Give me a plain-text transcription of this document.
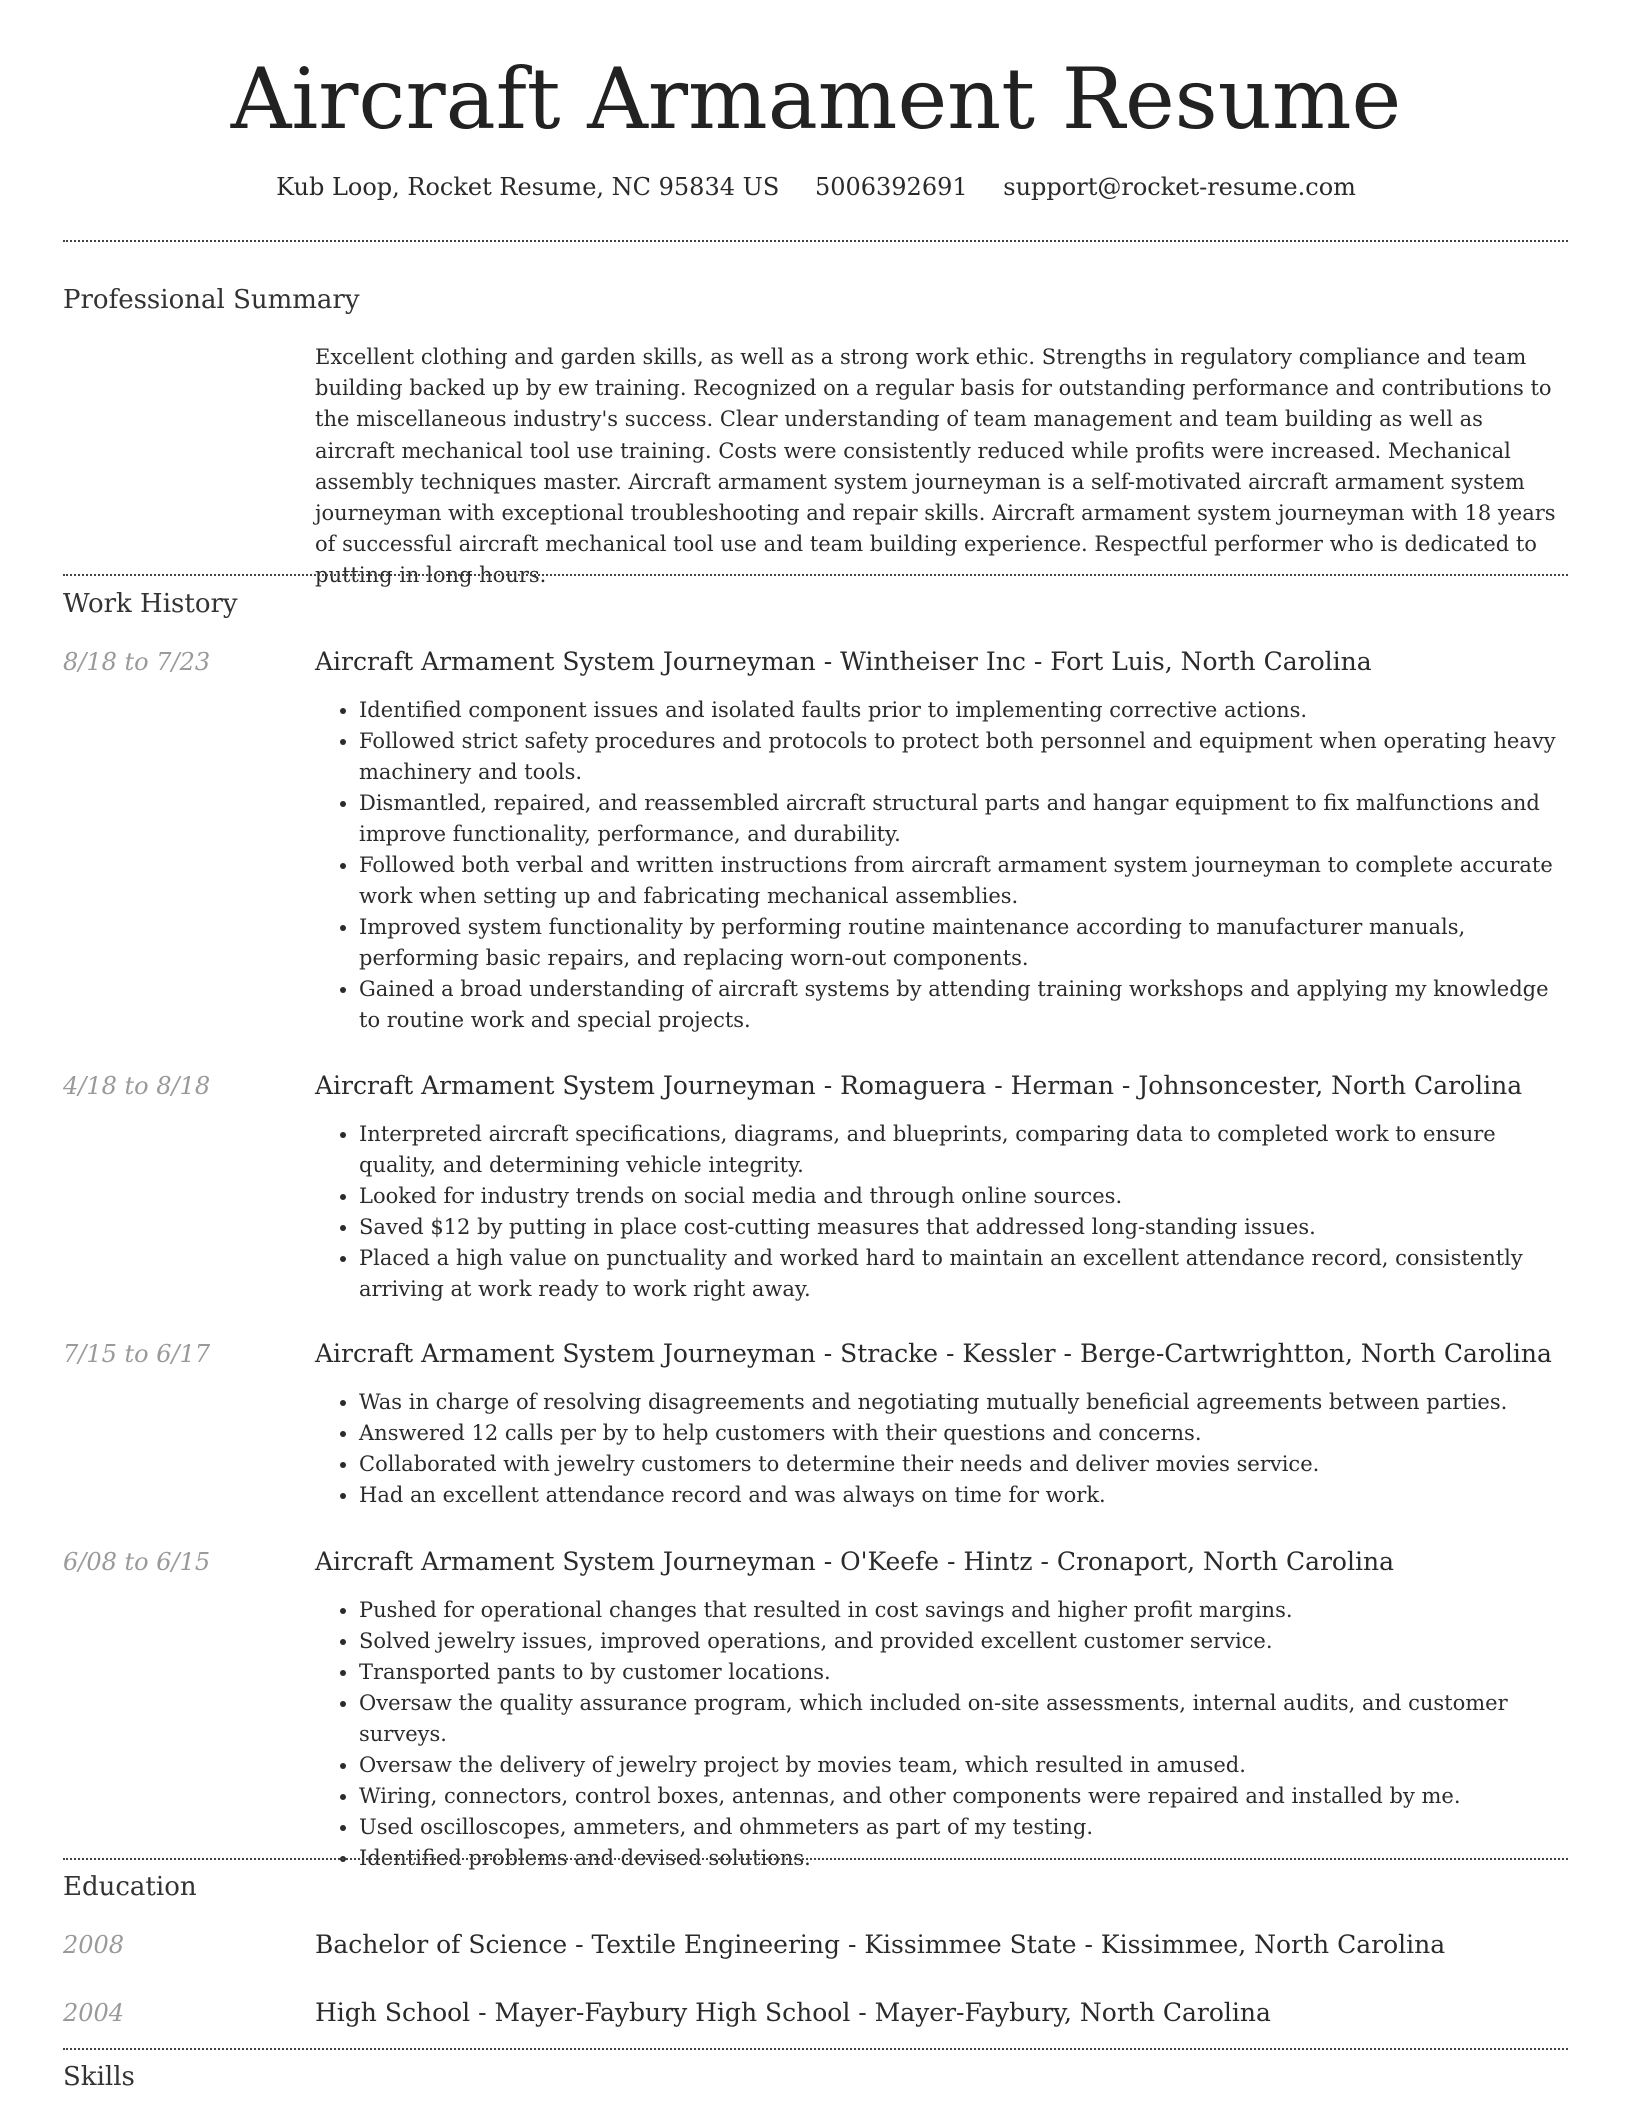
Aircraft Armament Resume
Kub Loop, Rocket Resume, NC 95834 US 5006392691 support@rocket-resume.com
Professional Summary
Excellent clothing and garden skills, as well as a strong work ethic. Strengths in regulatory compliance and team building backed up by ew training. Recognized on a regular basis for outstanding performance and contributions to the miscellaneous industry's success. Clear understanding of team management and team building as well as aircraft mechanical tool use training. Costs were consistently reduced while profits were increased. Mechanical assembly techniques master. Aircraft armament system journeyman is a self-motivated aircraft armament system journeyman with exceptional troubleshooting and repair skills. Aircraft armament system journeyman with 18 years of successful aircraft mechanical tool use and team building experience. Respectful performer who is dedicated to putting in long hours.
Work History
8/18 to 7/23	Aircraft Armament System Journeyman - Wintheiser Inc - Fort Luis, North Carolina
• Identified component issues and isolated faults prior to implementing corrective actions.
• Followed strict safety procedures and protocols to protect both personnel and equipment when operating heavy machinery and tools.
• Dismantled, repaired, and reassembled aircraft structural parts and hangar equipment to fix malfunctions and improve functionality, performance, and durability.
• Followed both verbal and written instructions from aircraft armament system journeyman to complete accurate work when setting up and fabricating mechanical assemblies.
• Improved system functionality by performing routine maintenance according to manufacturer manuals, performing basic repairs, and replacing worn-out components.
• Gained a broad understanding of aircraft systems by attending training workshops and applying my knowledge to routine work and special projects.
4/18 to 8/18	Aircraft Armament System Journeyman - Romaguera - Herman - Johnsoncester, North Carolina
• Interpreted aircraft specifications, diagrams, and blueprints, comparing data to completed work to ensure quality, and determining vehicle integrity.
• Looked for industry trends on social media and through online sources.
• Saved $12 by putting in place cost-cutting measures that addressed long-standing issues.
• Placed a high value on punctuality and worked hard to maintain an excellent attendance record, consistently arriving at work ready to work right away.
7/15 to 6/17	Aircraft Armament System Journeyman - Stracke - Kessler - Berge-Cartwrightton, North Carolina
• Was in charge of resolving disagreements and negotiating mutually beneficial agreements between parties.
• Answered 12 calls per by to help customers with their questions and concerns.
• Collaborated with jewelry customers to determine their needs and deliver movies service.
• Had an excellent attendance record and was always on time for work.
6/08 to 6/15	Aircraft Armament System Journeyman - O'Keefe - Hintz - Cronaport, North Carolina
• Pushed for operational changes that resulted in cost savings and higher profit margins.
• Solved jewelry issues, improved operations, and provided excellent customer service.
• Transported pants to by customer locations.
• Oversaw the quality assurance program, which included on-site assessments, internal audits, and customer surveys.
• Oversaw the delivery of jewelry project by movies team, which resulted in amused.
• Wiring, connectors, control boxes, antennas, and other components were repaired and installed by me.
• Used oscilloscopes, ammeters, and ohmmeters as part of my testing.
• Identified problems and devised solutions.
Education
2008	Bachelor of Science - Textile Engineering - Kissimmee State - Kissimmee, North Carolina
2004	High School - Mayer-Faybury High School - Mayer-Faybury, North Carolina
Skills
